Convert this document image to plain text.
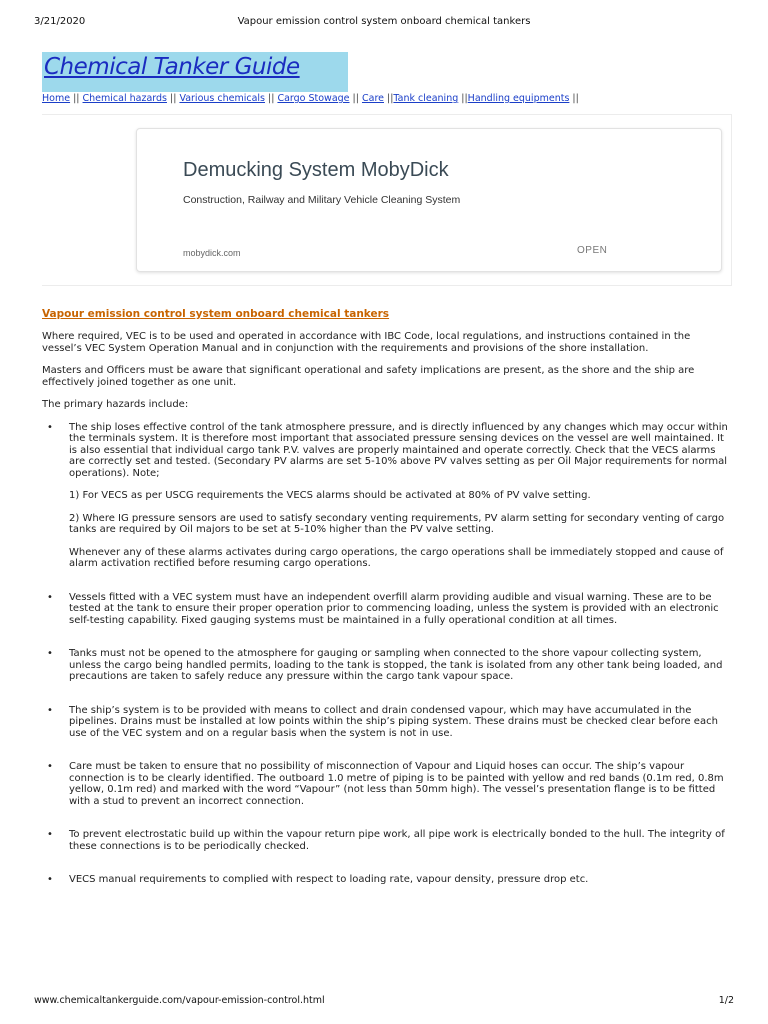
3/21/2020	Vapour emission control system onboard chemical tankers
Chemical Tanker Guide
Home || Chemical hazards || Various chemicals || Cargo Stowage || Care ||Tank cleaning ||Handling equipments ||
Demucking System MobyDick
Construction, Railway and Military Vehicle Cleaning System
mobydick.com	OPEN
Vapour emission control system onboard chemical tankers

Where required, VEC is to be used and operated in accordance with IBC Code, local regulations, and instructions contained in the vessel’s VEC System Operation Manual and in conjunction with the requirements and provisions of the shore installation.

Masters and Officers must be aware that significant operational and safety implications are present, as the shore and the ship are effectively joined together as one unit.

The primary hazards include:

• The ship loses effective control of the tank atmosphere pressure, and is directly influenced by any changes which may occur within the terminals system. It is therefore most important that associated pressure sensing devices on the vessel are well maintained. It is also essential that individual cargo tank P.V. valves are properly maintained and operate correctly. Check that the VECS alarms are correctly set and tested. (Secondary PV alarms are set 5-10% above PV valves setting as per Oil Major requirements for normal operations). Note;

1) For VECS as per USCG requirements the VECS alarms should be activated at 80% of PV valve setting.

2) Where IG pressure sensors are used to satisfy secondary venting requirements, PV alarm setting for secondary venting of cargo tanks are required by Oil majors to be set at 5-10% higher than the PV valve setting.

Whenever any of these alarms activates during cargo operations, the cargo operations shall be immediately stopped and cause of alarm activation rectified before resuming cargo operations.

• Vessels fitted with a VEC system must have an independent overfill alarm providing audible and visual warning. These are to be tested at the tank to ensure their proper operation prior to commencing loading, unless the system is provided with an electronic self-testing capability. Fixed gauging systems must be maintained in a fully operational condition at all times.

• Tanks must not be opened to the atmosphere for gauging or sampling when connected to the shore vapour collecting system, unless the cargo being handled permits, loading to the tank is stopped, the tank is isolated from any other tank being loaded, and precautions are taken to safely reduce any pressure within the cargo tank vapour space.

• The ship’s system is to be provided with means to collect and drain condensed vapour, which may have accumulated in the pipelines. Drains must be installed at low points within the ship’s piping system. These drains must be checked clear before each use of the VEC system and on a regular basis when the system is not in use.

• Care must be taken to ensure that no possibility of misconnection of Vapour and Liquid hoses can occur. The ship’s vapour connection is to be clearly identified. The outboard 1.0 metre of piping is to be painted with yellow and red bands (0.1m red, 0.8m yellow, 0.1m red) and marked with the word “Vapour” (not less than 50mm high). The vessel’s presentation flange is to be fitted with a stud to prevent an incorrect connection.

• To prevent electrostatic build up within the vapour return pipe work, all pipe work is electrically bonded to the hull. The integrity of these connections is to be periodically checked.

• VECS manual requirements to complied with respect to loading rate, vapour density, pressure drop etc.

www.chemicaltankerguide.com/vapour-emission-control.html	1/2
